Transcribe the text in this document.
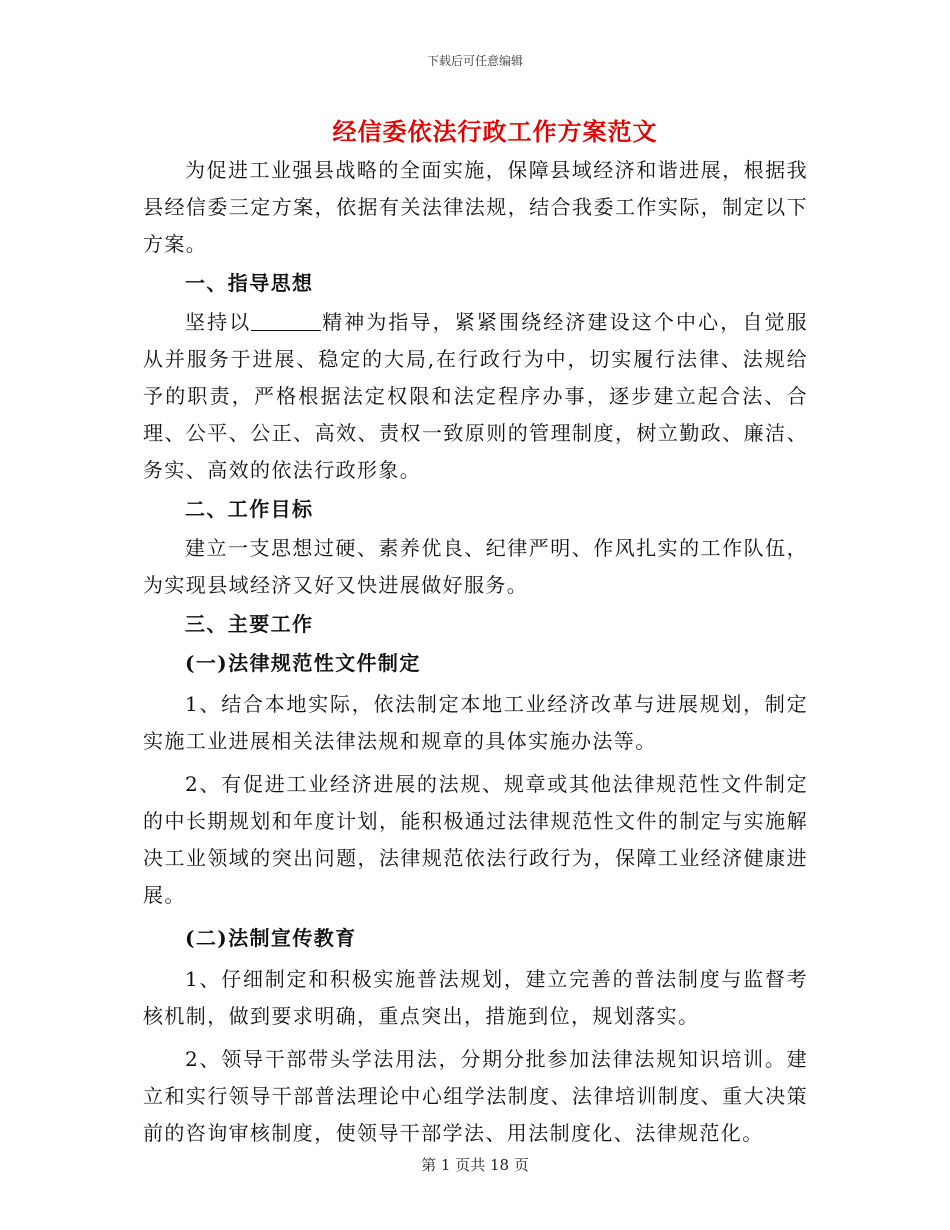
下载后可任意编辑
经信委依法行政工作方案范文

为促进工业强县战略的全面实施，保障县域经济和谐进展，根据我县经信委三定方案，依据有关法律法规，结合我委工作实际，制定以下方案。

一、指导思想

坚持以	精神为指导，紧紧围绕经济建设这个中心，自觉服从并服务于进展、稳定的大局,在行政行为中，切实履行法律、法规给予的职责，严格根据法定权限和法定程序办事，逐步建立起合法、合理、公平、公正、高效、责权一致原则的管理制度，树立勤政、廉洁、务实、高效的依法行政形象。

二、工作目标

建立一支思想过硬、素养优良、纪律严明、作风扎实的工作队伍，为实现县域经济又好又快进展做好服务。

三、主要工作

(一)法律规范性文件制定

1、结合本地实际，依法制定本地工业经济改革与进展规划，制定实施工业进展相关法律法规和规章的具体实施办法等。

2、有促进工业经济进展的法规、规章或其他法律规范性文件制定的中长期规划和年度计划，能积极通过法律规范性文件的制定与实施解决工业领域的突出问题，法律规范依法行政行为，保障工业经济健康进展。

(二)法制宣传教育

1、仔细制定和积极实施普法规划，建立完善的普法制度与监督考核机制，做到要求明确，重点突出，措施到位，规划落实。

2、领导干部带头学法用法，分期分批参加法律法规知识培训。建立和实行领导干部普法理论中心组学法制度、法律培训制度、重大决策前的咨询审核制度，使领导干部学法、用法制度化、法律规范化。

第 1 页共 18 页
